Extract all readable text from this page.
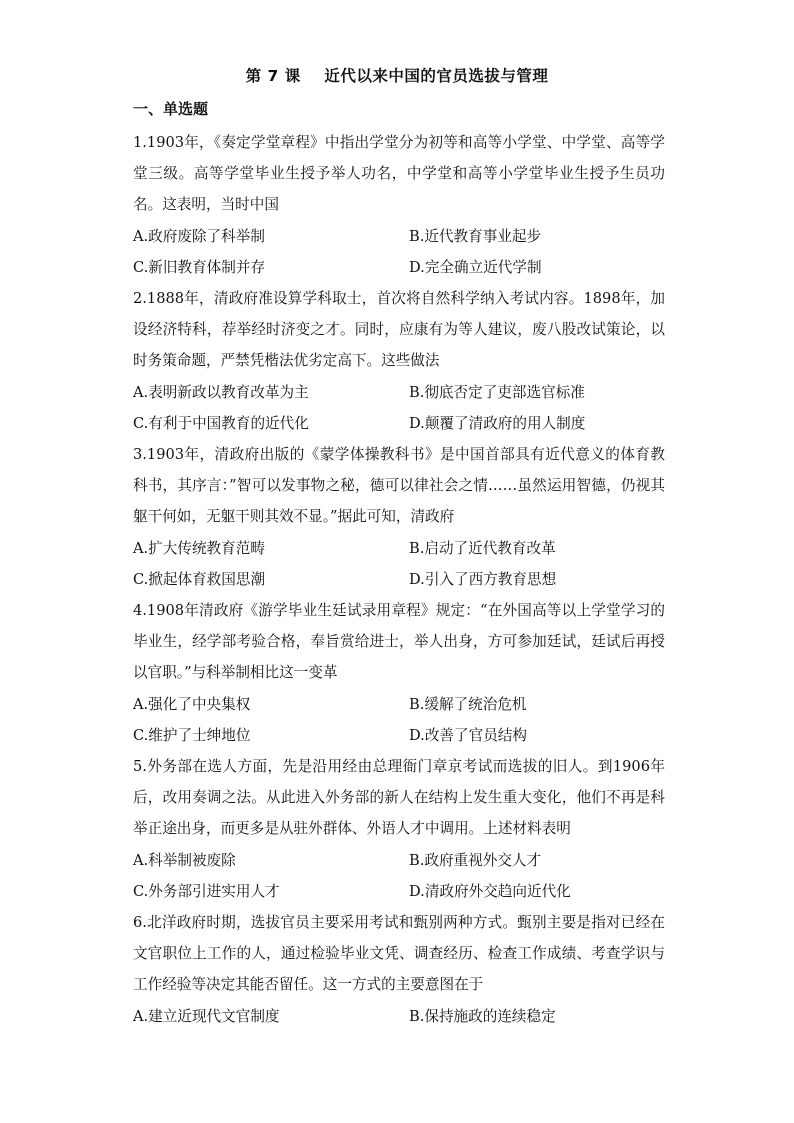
第 7 课    近代以来中国的官员选拔与管理
一、单选题
1.1903年，《奏定学堂章程》中指出学堂分为初等和高等小学堂、中学堂、高等学堂三级。高等学堂毕业生授予举人功名，中学堂和高等小学堂毕业生授予生员功名。这表明，当时中国
A.政府废除了科举制	B.近代教育事业起步
C.新旧教育体制并存	D.完全确立近代学制
2.1888年，清政府准设算学科取士，首次将自然科学纳入考试内容。1898年，加设经济特科，荐举经时济变之才。同时，应康有为等人建议，废八股改试策论，以时务策命题，严禁凭楷法优劣定高下。这些做法
A.表明新政以教育改革为主	B.彻底否定了吏部选官标准
C.有利于中国教育的近代化	D.颠覆了清政府的用人制度
3.1903年，清政府出版的《蒙学体操教科书》是中国首部具有近代意义的体育教科书，其序言：”智可以发事物之秘，德可以律社会之情……虽然运用智德，仍视其躯干何如，无躯干则其效不显。”据此可知，清政府
A.扩大传统教育范畴	B.启动了近代教育改革
C.掀起体育救国思潮	D.引入了西方教育思想
4.1908年清政府《游学毕业生廷试录用章程》规定：“在外国高等以上学堂学习的毕业生，经学部考验合格，奉旨赏给进士，举人出身，方可参加廷试，廷试后再授以官职。”与科举制相比这一变革
A.强化了中央集权	B.缓解了统治危机
C.维护了士绅地位	D.改善了官员结构
5.外务部在选人方面，先是沿用经由总理衙门章京考试而选拔的旧人。到1906年后，改用奏调之法。从此进入外务部的新人在结构上发生重大变化，他们不再是科举正途出身，而更多是从驻外群体、外语人才中调用。上述材料表明
A.科举制被废除	B.政府重视外交人才
C.外务部引进实用人才	D.清政府外交趋向近代化
6.北洋政府时期，选拔官员主要采用考试和甄别两种方式。甄别主要是指对已经在文官职位上工作的人，通过检验毕业文凭、调查经历、检查工作成绩、考查学识与工作经验等决定其能否留任。这一方式的主要意图在于
A.建立近现代文官制度	B.保持施政的连续稳定
